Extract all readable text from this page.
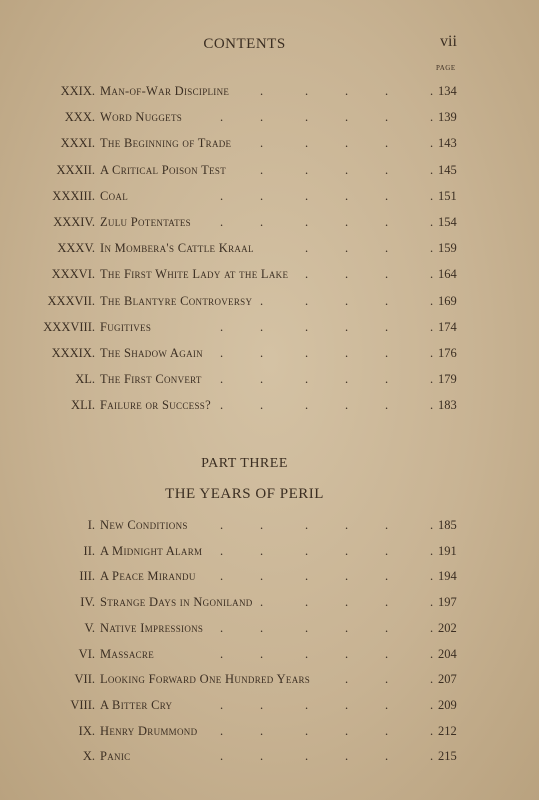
CONTENTS	vii
PAGE
XXIX. Man-of-War Discipline .	.	.	.	. 134
XXX. Word Nuggets	.	.	.	.	.	. 139
XXXI. The Beginning of Trade .	.	.	.	. 143
XXXII. A Critical Poison Test	.	.	.	.	. 145
XXXIII. Coal	.	.	.	.	.	. 151
XXXIV. Zulu Potentates .	.	.	.	.	. 154
XXXV. In Mombera's Cattle Kraal	.	.	.	. 159
XXXVI. The First White Lady at the Lake .	.	.	. 164
XXXVII. The Blantyre Controversy .	.	.	.	. 169
XXXVIII. Fugitives	.	.	.	.	.	. 174
XXXIX. The Shadow Again .	.	.	.	.	. 176
XL. The First Convert .	.	.	.	.	. 179
XLI. Failure or Success? .	.	.	.	.	. 183
PART THREE
THE YEARS OF PERIL
I. New Conditions	.	.	.	.	.	. 185
II. A Midnight Alarm .	.	.	.	.	. 191
III. A Peace Mirandu .	.	.	.	.	. 194
IV. Strange Days in Ngoniland .	.	.	.	. 197
V. Native Impressions .	.	.	.	.	. 202
VI. Massacre	.	.	.	.	.	. 204
VII. Looking Forward One Hundred Years	.	.	. 207
VIII. A Bitter Cry	.	.	.	.	.	. 209
IX. Henry Drummond .	.	.	.	.	. 212
X. Panic	.	.	.	.	.	. 215
